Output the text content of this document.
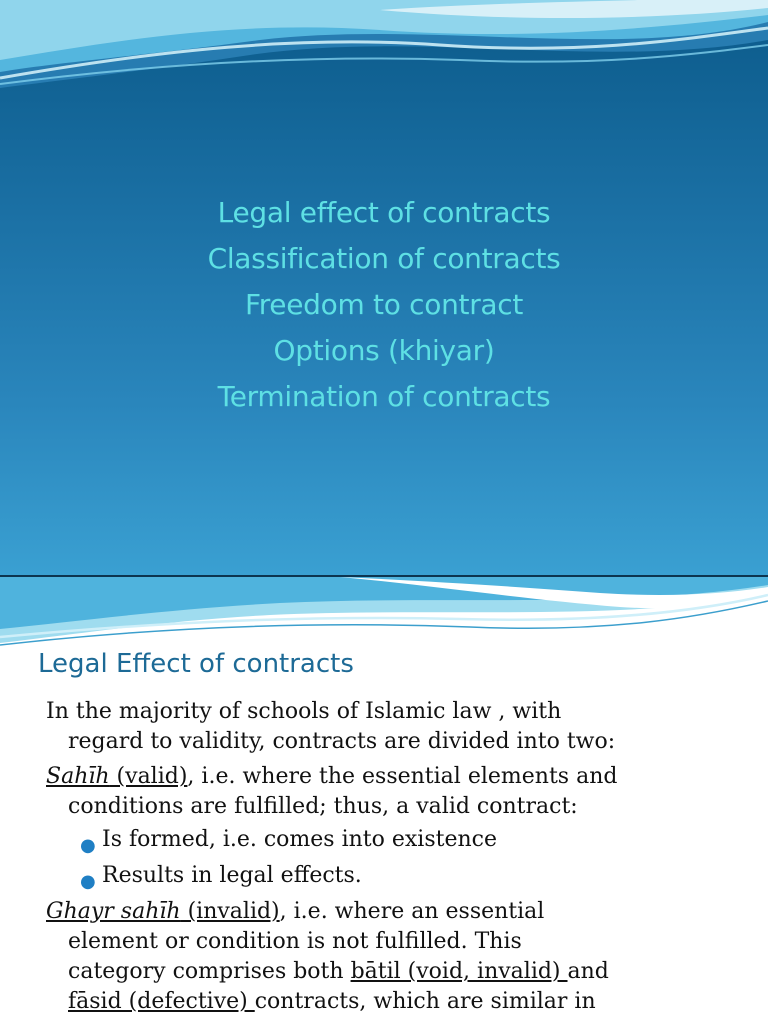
Legal effect of contracts
Classification of contracts
Freedom to contract
Options (khiyar)
Termination of contracts
Legal Effect of contracts
In the majority of schools of Islamic law , with
regard to validity, contracts are divided into two:
Sahīh (valid), i.e. where the essential elements and
conditions are fulfilled; thus, a valid contract:
● Is formed, i.e. comes into existence
● Results in legal effects.
Ghayr sahīh (invalid), i.e. where an essential
element or condition is not fulfilled. This
category comprises both bātil (void, invalid) and
fāsid (defective) contracts, which are similar in
